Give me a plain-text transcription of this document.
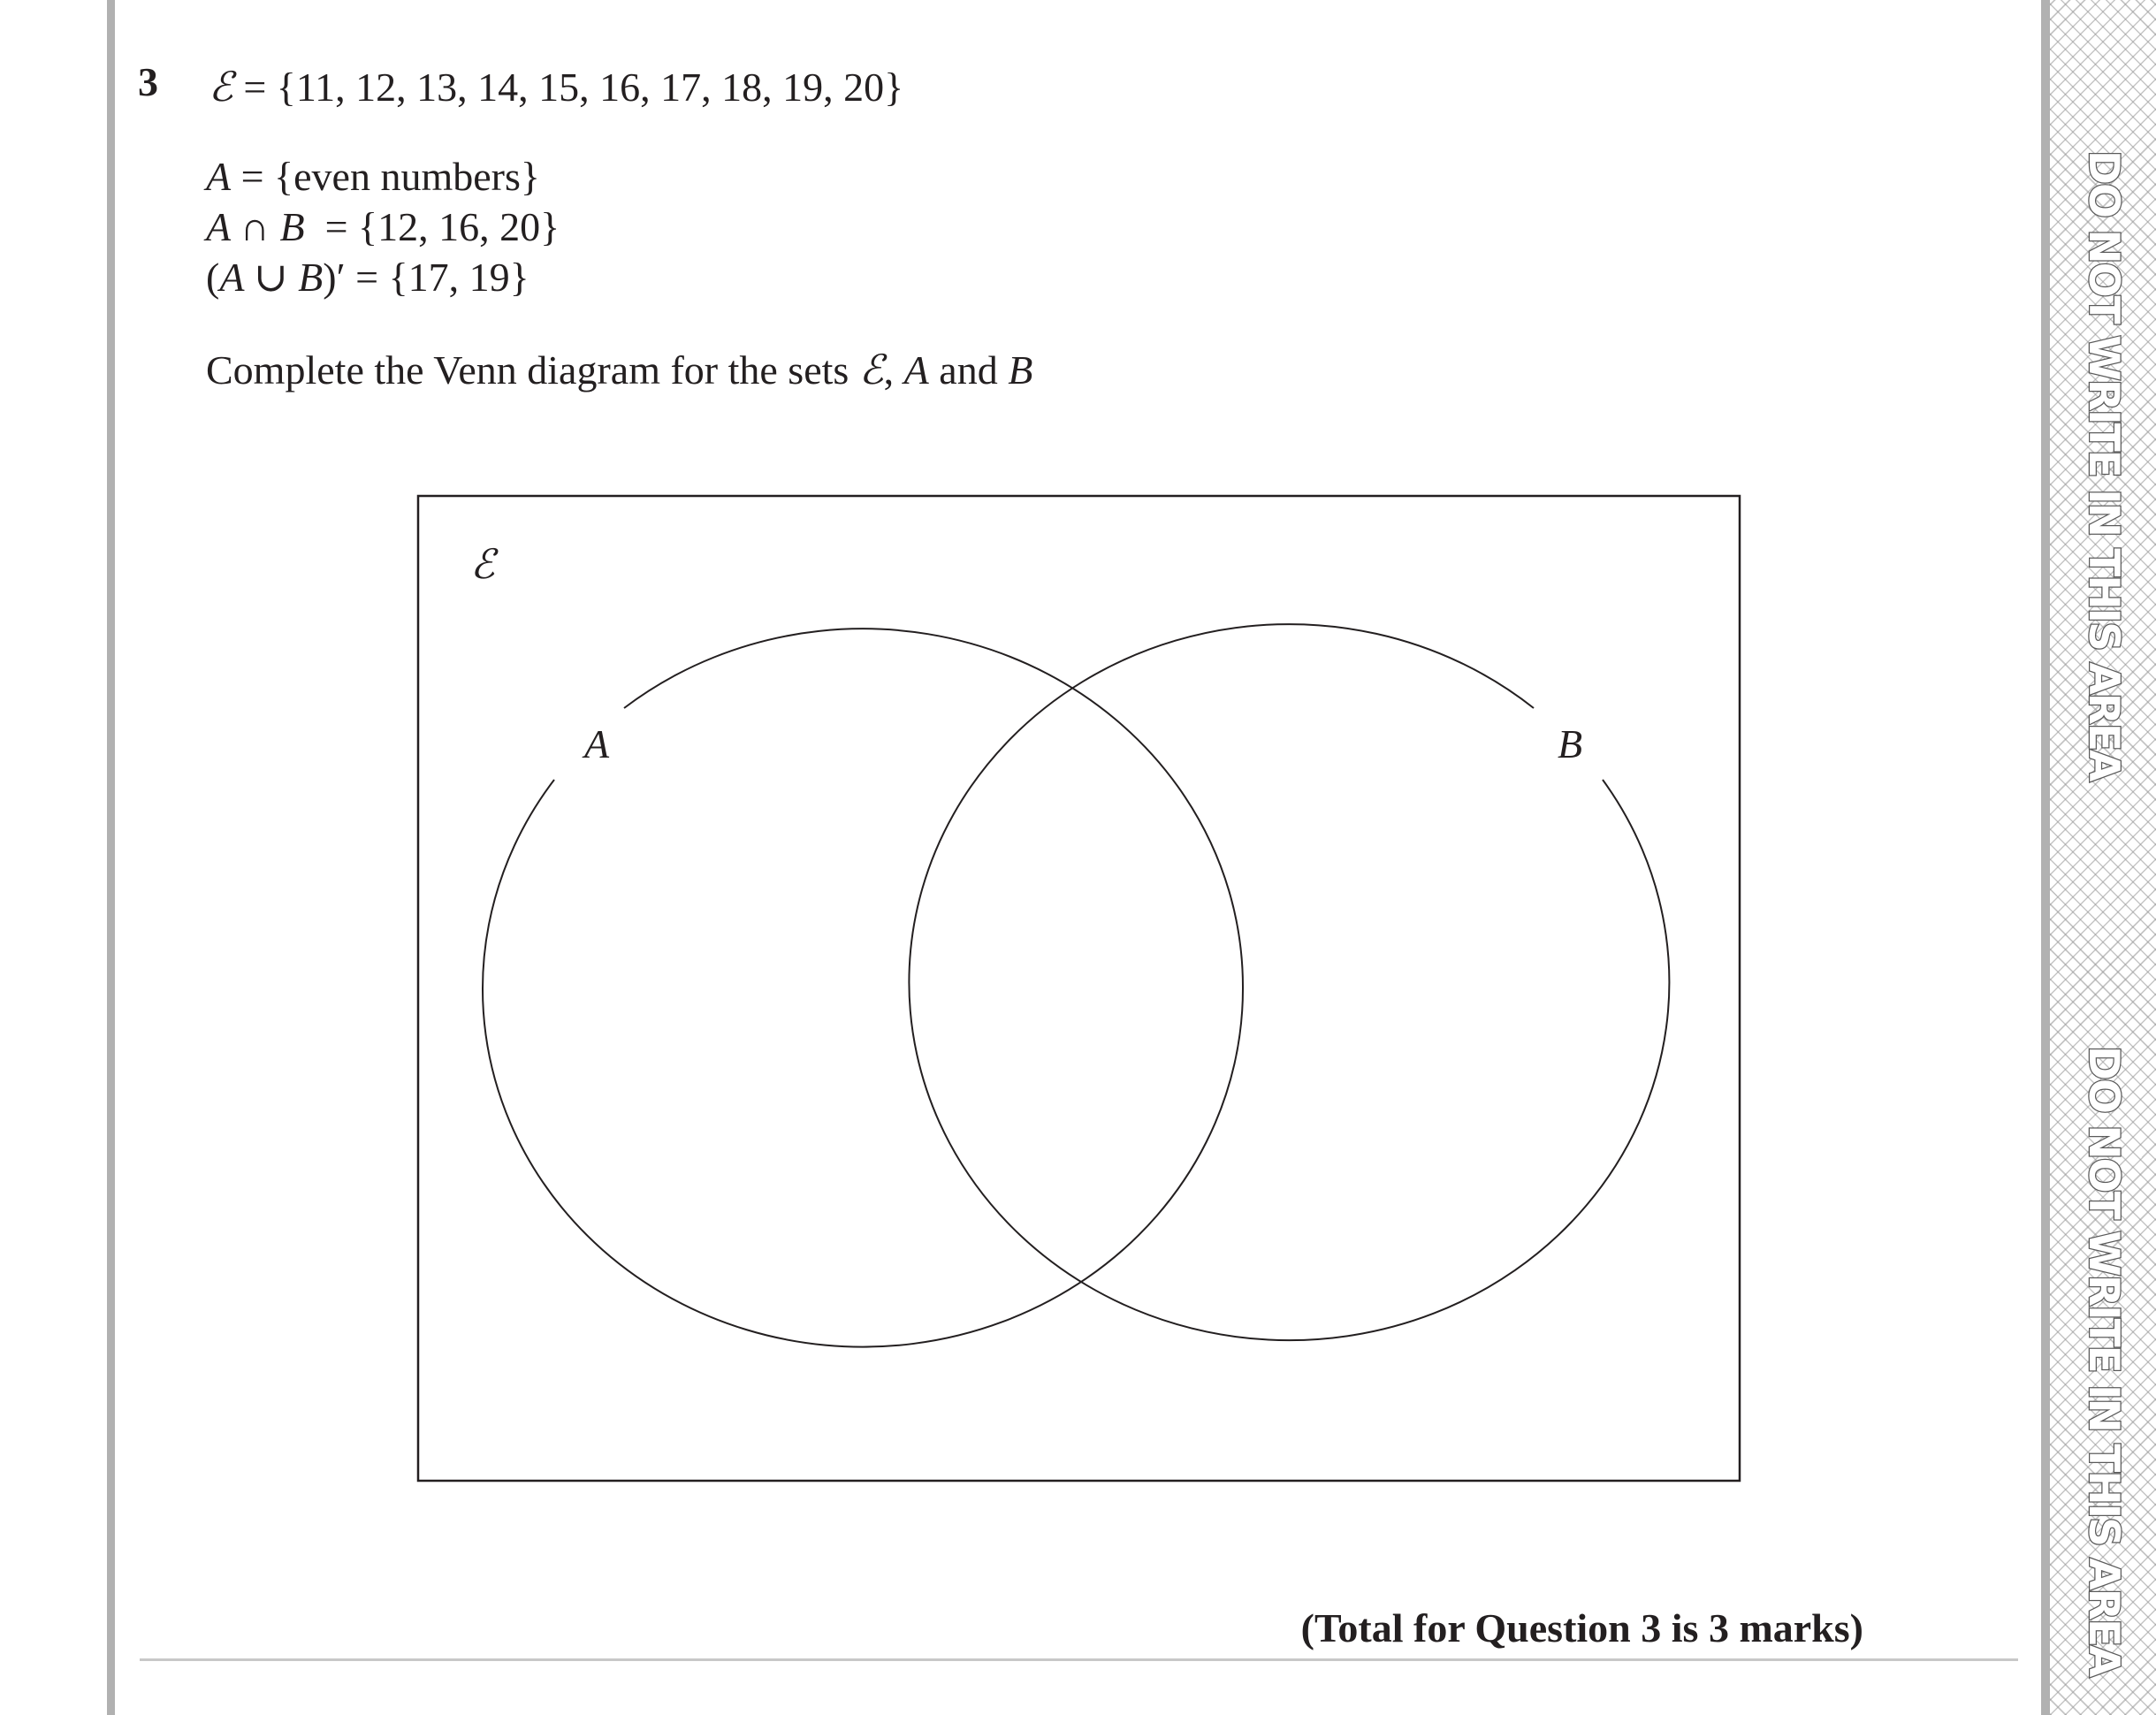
DO NOT WRITE IN THIS AREA
DO NOT WRITE IN THIS AREA
3 ℰ = {11, 12, 13, 14, 15, 16, 17, 18, 19, 20}
A = {even numbers}
A ∩ B  = {12, 16, 20}
(A ∪ B)′ = {17, 19}
Complete the Venn diagram for the sets ℰ, A and B
ℰ
A	B
(Total for Question 3 is 3 marks)
